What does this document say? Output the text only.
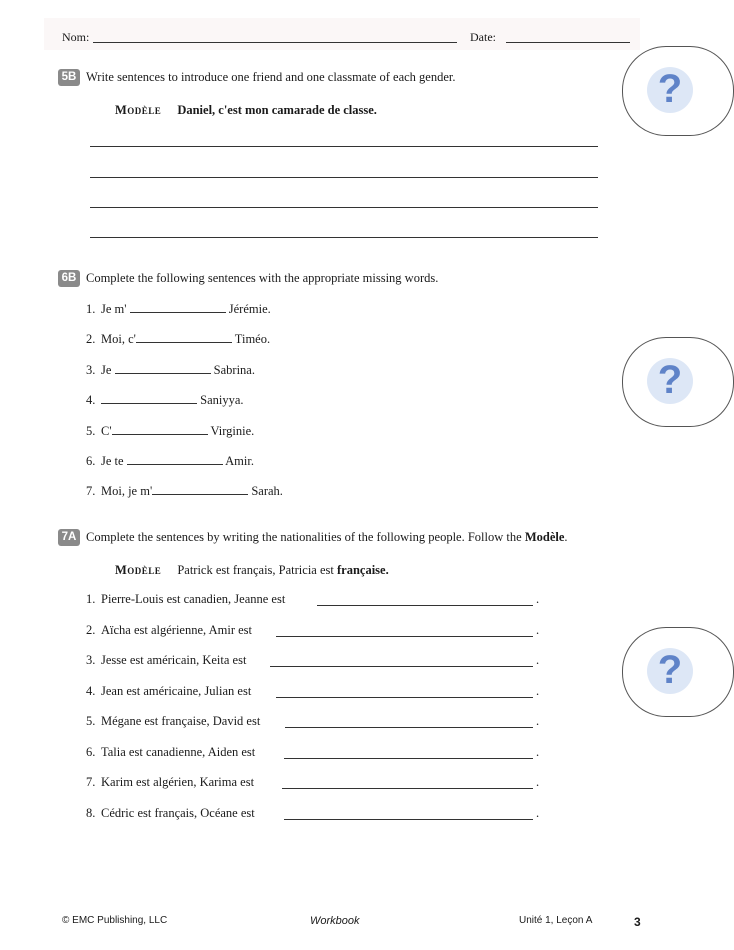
Nom:	Date:
?
?
?
5B Write sentences to introduce one friend and one classmate of each gender.
Modèle Daniel, c'est mon camarade de classe.
6B Complete the following sentences with the appropriate missing words.
1. Je m'	Jérémie.
2. Moi, c'	Timéo.
3. Je	Sabrina.
4.	Saniyya.
5. C'	Virginie.
6. Je te	Amir.
7. Moi, je m'	Sarah.
7A Complete the sentences by writing the nationalities of the following people. Follow the Modèle.
Modèle Patrick est français, Patricia est française.
1. Pierre-Louis est canadien, Jeanne est
2. Aïcha est algérienne, Amir est
3. Jesse est américain, Keita est
4. Jean est américaine, Julian est
5. Mégane est française, David est
6. Talia est canadienne, Aiden est
7. Karim est algérien, Karima est
8. Cédric est français, Océane est
.
.
.
.
.
.
.
.
© EMC Publishing, LLC	Workbook	Unité 1, Leçon A	3
